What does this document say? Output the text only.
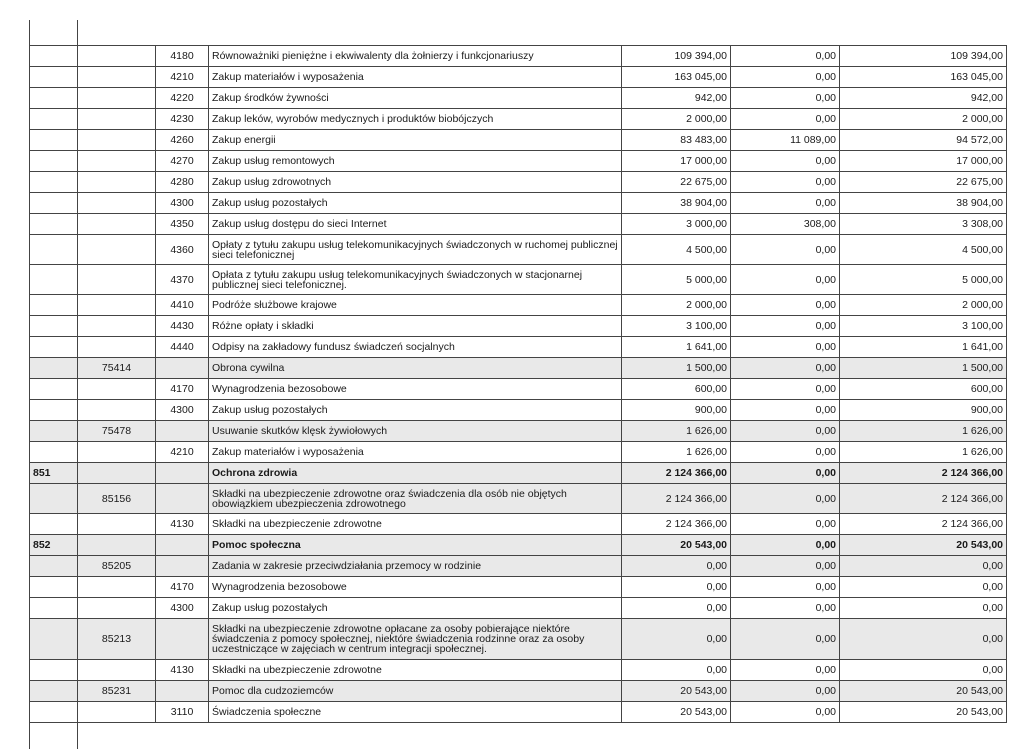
		4180	Równoważniki pieniężne i ekwiwalenty dla żołnierzy i funkcjonariuszy	109 394,00	0,00	109 394,00
		4210	Zakup materiałów i wyposażenia	163 045,00	0,00	163 045,00
		4220	Zakup środków żywności	942,00	0,00	942,00
		4230	Zakup leków, wyrobów medycznych i produktów biobójczych	2 000,00	0,00	2 000,00
		4260	Zakup energii	83 483,00	11 089,00	94 572,00
		4270	Zakup usług remontowych	17 000,00	0,00	17 000,00
		4280	Zakup usług zdrowotnych	22 675,00	0,00	22 675,00
		4300	Zakup usług pozostałych	38 904,00	0,00	38 904,00
		4350	Zakup usług dostępu do sieci Internet	3 000,00	308,00	3 308,00
		4360	Opłaty z tytułu zakupu usług telekomunikacyjnych świadczonych w ruchomej publicznej sieci telefonicznej	4 500,00	0,00	4 500,00
		4370	Opłata z tytułu zakupu usług telekomunikacyjnych świadczonych w stacjonarnej publicznej sieci telefonicznej.	5 000,00	0,00	5 000,00
		4410	Podróże służbowe krajowe	2 000,00	0,00	2 000,00
		4430	Różne opłaty i składki	3 100,00	0,00	3 100,00
		4440	Odpisy na zakładowy fundusz świadczeń socjalnych	1 641,00	0,00	1 641,00
	75414		Obrona cywilna	1 500,00	0,00	1 500,00
		4170	Wynagrodzenia bezosobowe	600,00	0,00	600,00
		4300	Zakup usług pozostałych	900,00	0,00	900,00
	75478		Usuwanie skutków klęsk żywiołowych	1 626,00	0,00	1 626,00
		4210	Zakup materiałów i wyposażenia	1 626,00	0,00	1 626,00
851			Ochrona zdrowia	2 124 366,00	0,00	2 124 366,00
	85156		Składki na ubezpieczenie zdrowotne oraz świadczenia dla osób nie objętych obowiązkiem ubezpieczenia zdrowotnego	2 124 366,00	0,00	2 124 366,00
		4130	Składki na ubezpieczenie zdrowotne	2 124 366,00	0,00	2 124 366,00
852			Pomoc społeczna	20 543,00	0,00	20 543,00
	85205		Zadania w zakresie przeciwdziałania przemocy w rodzinie	0,00	0,00	0,00
		4170	Wynagrodzenia bezosobowe	0,00	0,00	0,00
		4300	Zakup usług pozostałych	0,00	0,00	0,00
	85213		Składki na ubezpieczenie zdrowotne opłacane za osoby pobierające niektóre świadczenia z pomocy społecznej, niektóre świadczenia rodzinne oraz za osoby uczestniczące w zajęciach w centrum integracji społecznej.	0,00	0,00	0,00
		4130	Składki na ubezpieczenie zdrowotne	0,00	0,00	0,00
	85231		Pomoc dla cudzoziemców	20 543,00	0,00	20 543,00
		3110	Świadczenia społeczne	20 543,00	0,00	20 543,00
